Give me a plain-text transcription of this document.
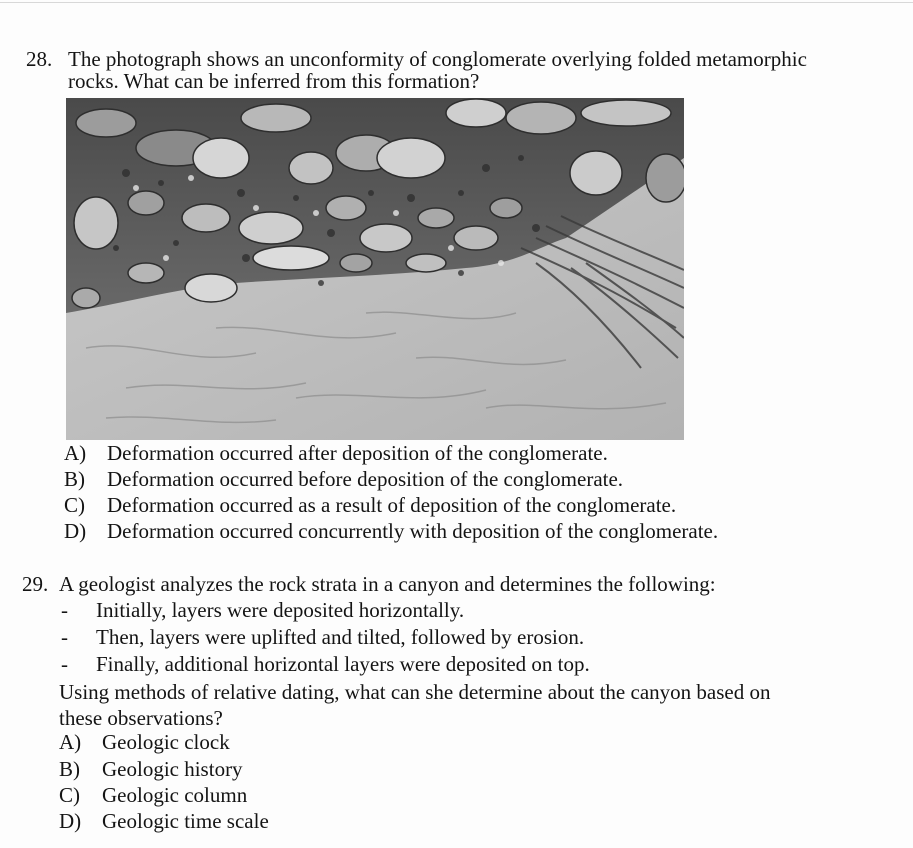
28. The photograph shows an unconformity of conglomerate overlying folded metamorphic
rocks. What can be inferred from this formation?
A) Deformation occurred after deposition of the conglomerate.
B) Deformation occurred before deposition of the conglomerate.
C) Deformation occurred as a result of deposition of the conglomerate.
D) Deformation occurred concurrently with deposition of the conglomerate.
29. A geologist analyzes the rock strata in a canyon and determines the following:
- Initially, layers were deposited horizontally.
- Then, layers were uplifted and tilted, followed by erosion.
- Finally, additional horizontal layers were deposited on top.
Using methods of relative dating, what can she determine about the canyon based on
these observations?
A) Geologic clock
B) Geologic history
C) Geologic column
D) Geologic time scale
